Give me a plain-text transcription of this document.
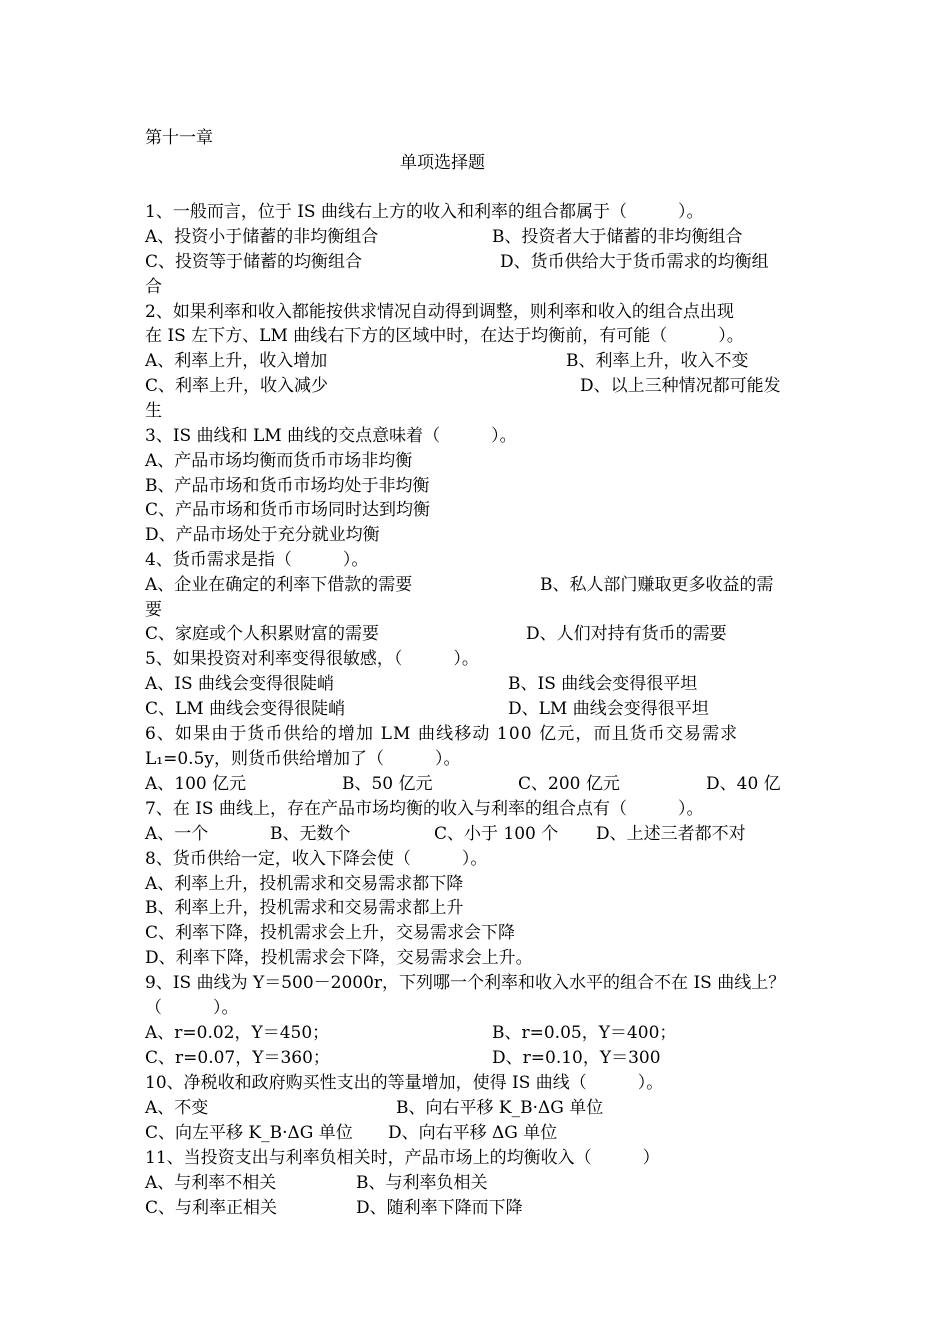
第十一章
单项选择题
1、一般而言，位于 IS 曲线右上方的收入和利率的组合都属于（　　　）。
A、投资小于储蓄的非均衡组合	B、投资者大于储蓄的非均衡组合
C、投资等于储蓄的均衡组合	D、货币供给大于货币需求的均衡组
合
2、如果利率和收入都能按供求情况自动得到调整，则利率和收入的组合点出现
在 IS 左下方、LM 曲线右下方的区域中时，在达于均衡前，有可能（　　　）。
A、利率上升，收入增加	B、利率上升，收入不变
C、利率上升，收入减少	D、以上三种情况都可能发
生
3、IS 曲线和 LM 曲线的交点意味着（　　　）。
A、产品市场均衡而货币市场非均衡
B、产品市场和货币市场均处于非均衡
C、产品市场和货币市场同时达到均衡
D、产品市场处于充分就业均衡
4、货币需求是指（　　　）。
A、企业在确定的利率下借款的需要	B、私人部门赚取更多收益的需
要
C、家庭或个人积累财富的需要	D、人们对持有货币的需要
5、如果投资对利率变得很敏感，（　　　）。
A、IS 曲线会变得很陡峭	B、IS 曲线会变得很平坦
C、LM 曲线会变得很陡峭	D、LM 曲线会变得很平坦
6、如果由于货币供给的增加 LM 曲线移动 100 亿元，而且货币交易需求
L₁=0.5y，则货币供给增加了（　　　）。
A、100 亿元	B、50 亿元	C、200 亿元	D、40 亿
7、在 IS 曲线上，存在产品市场均衡的收入与利率的组合点有（　　　）。
A、一个	B、无数个	C、小于 100 个 D、上述三者都不对
8、货币供给一定，收入下降会使（　　　）。
A、利率上升，投机需求和交易需求都下降
B、利率上升，投机需求和交易需求都上升
C、利率下降，投机需求会上升，交易需求会下降
D、利率下降，投机需求会下降，交易需求会上升。
9、IS 曲线为 Y＝500－2000r，下列哪一个利率和收入水平的组合不在 IS 曲线上？
（　　　）。
A、r=0.02，Y＝450；	B、r=0.05，Y＝400；
C、r=0.07，Y＝360；	D、r=0.10，Y＝300
10、净税收和政府购买性支出的等量增加，使得 IS 曲线（　　　）。
A、不变	B、向右平移 K_B·ΔG 单位
C、向左平移 K_B·ΔG 单位 D、向右平移 ΔG 单位
11、当投资支出与利率负相关时，产品市场上的均衡收入（　　　）
A、与利率不相关	B、与利率负相关
C、与利率正相关	D、随利率下降而下降
